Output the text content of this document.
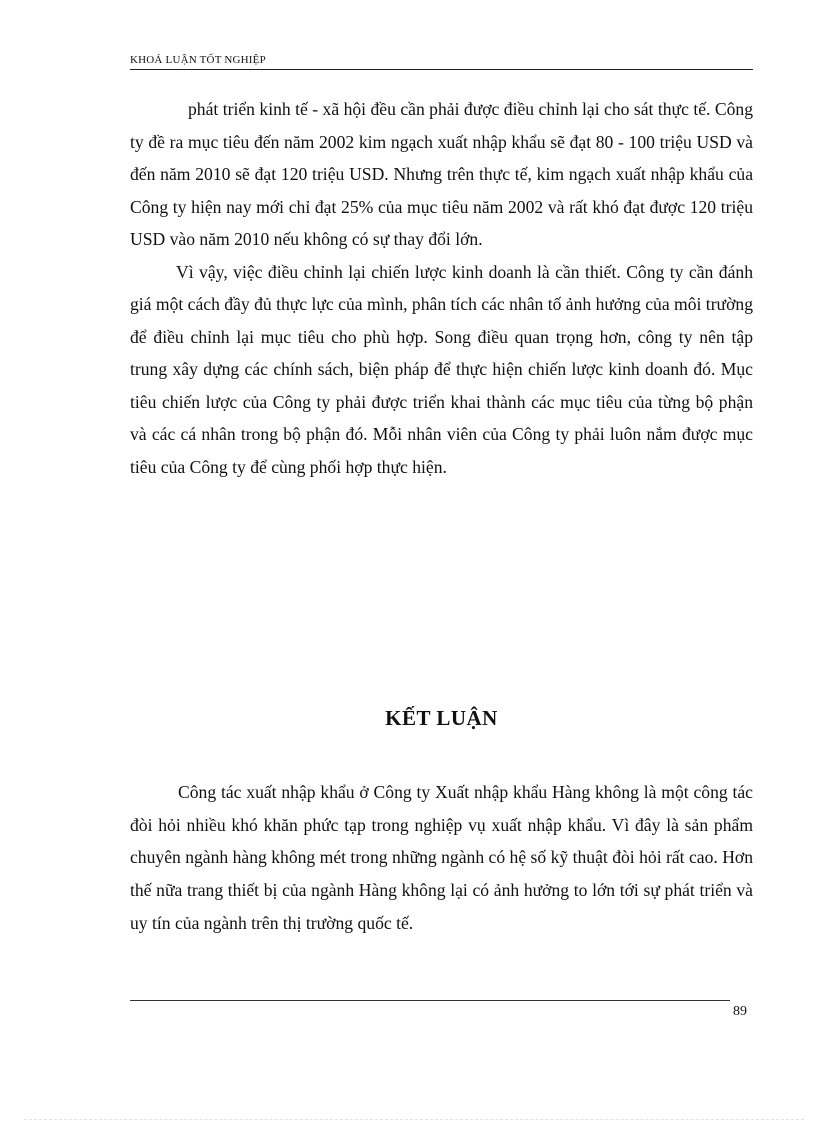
KHOÁ LUẬN TỐT NGHIỆP

phát triển kinh tế - xã hội đều cần phải được điều chỉnh lại cho sát thực tế. Công ty đề ra mục tiêu đến năm 2002 kim ngạch xuất nhập khẩu sẽ đạt 80 - 100 triệu USD và đến năm 2010 sẽ đạt 120 triệu USD. Nhưng trên thực tế, kim ngạch xuất nhập khẩu của Công ty hiện nay mới chỉ đạt 25% của mục tiêu năm 2002 và rất khó đạt được 120 triệu USD vào năm 2010 nếu không có sự thay đổi lớn.

Vì vậy, việc điều chỉnh lại chiến lược kinh doanh là cần thiết. Công ty cần đánh giá một cách đầy đủ thực lực của mình, phân tích các nhân tố ảnh hưởng của môi trường để điều chỉnh lại mục tiêu cho phù hợp. Song điều quan trọng hơn, công ty nên tập trung xây dựng các chính sách, biện pháp để thực hiện chiến lược kinh doanh đó. Mục tiêu chiến lược của Công ty phải được triển khai thành các mục tiêu của từng bộ phận và các cá nhân trong bộ phận đó. Mỗi nhân viên của Công ty phải luôn nắm được mục tiêu của Công ty để cùng phối hợp thực hiện.

KẾT LUẬN

Công tác xuất nhập khẩu ở Công ty Xuất nhập khẩu Hàng không là một công tác đòi hỏi nhiều khó khăn phức tạp trong nghiệp vụ xuất nhập khẩu. Vì đây là sản phẩm chuyên ngành hàng không mét trong những ngành có hệ số kỹ thuật đòi hỏi rất cao. Hơn thế nữa trang thiết bị của ngành Hàng không lại có ảnh hưởng to lớn tới sự phát triển và uy tín của ngành trên thị trường quốc tế.

89
